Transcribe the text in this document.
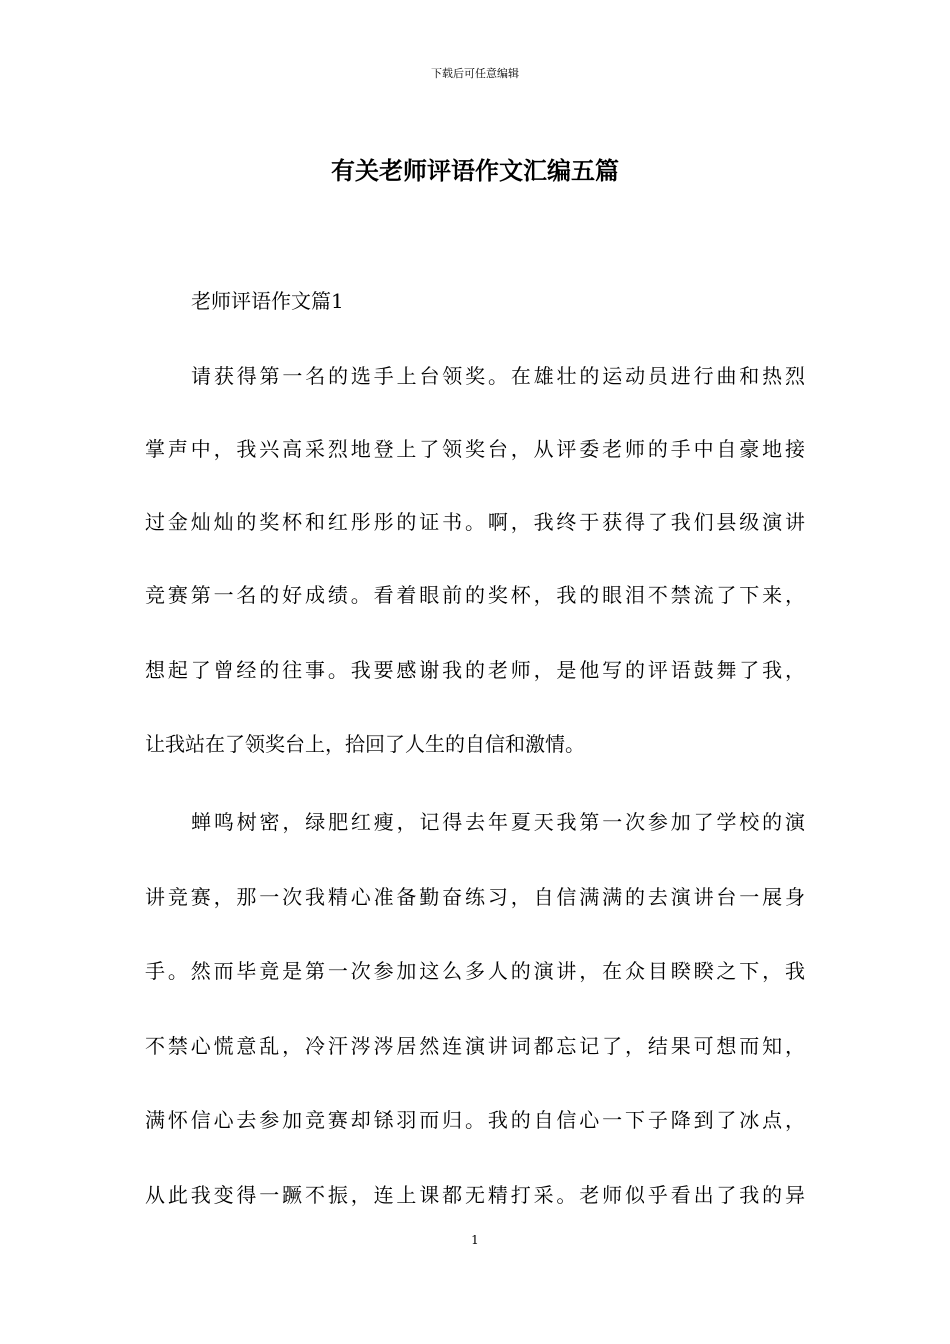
下载后可任意编辑
有关老师评语作文汇编五篇
老师评语作文篇1
请获得第一名的选手上台领奖。在雄壮的运动员进行曲和热烈
掌声中，我兴高采烈地登上了领奖台，从评委老师的手中自豪地接
过金灿灿的奖杯和红彤彤的证书。啊，我终于获得了我们县级演讲
竞赛第一名的好成绩。看着眼前的奖杯，我的眼泪不禁流了下来，
想起了曾经的往事。我要感谢我的老师，是他写的评语鼓舞了我，
让我站在了领奖台上，拾回了人生的自信和激情。
蝉鸣树密，绿肥红瘦，记得去年夏天我第一次参加了学校的演
讲竞赛，那一次我精心准备勤奋练习，自信满满的去演讲台一展身
手。然而毕竟是第一次参加这么多人的演讲，在众目睽睽之下，我
不禁心慌意乱，冷汗涔涔居然连演讲词都忘记了，结果可想而知，
满怀信心去参加竞赛却铩羽而归。我的自信心一下子降到了冰点，
从此我变得一蹶不振，连上课都无精打采。老师似乎看出了我的异
1
